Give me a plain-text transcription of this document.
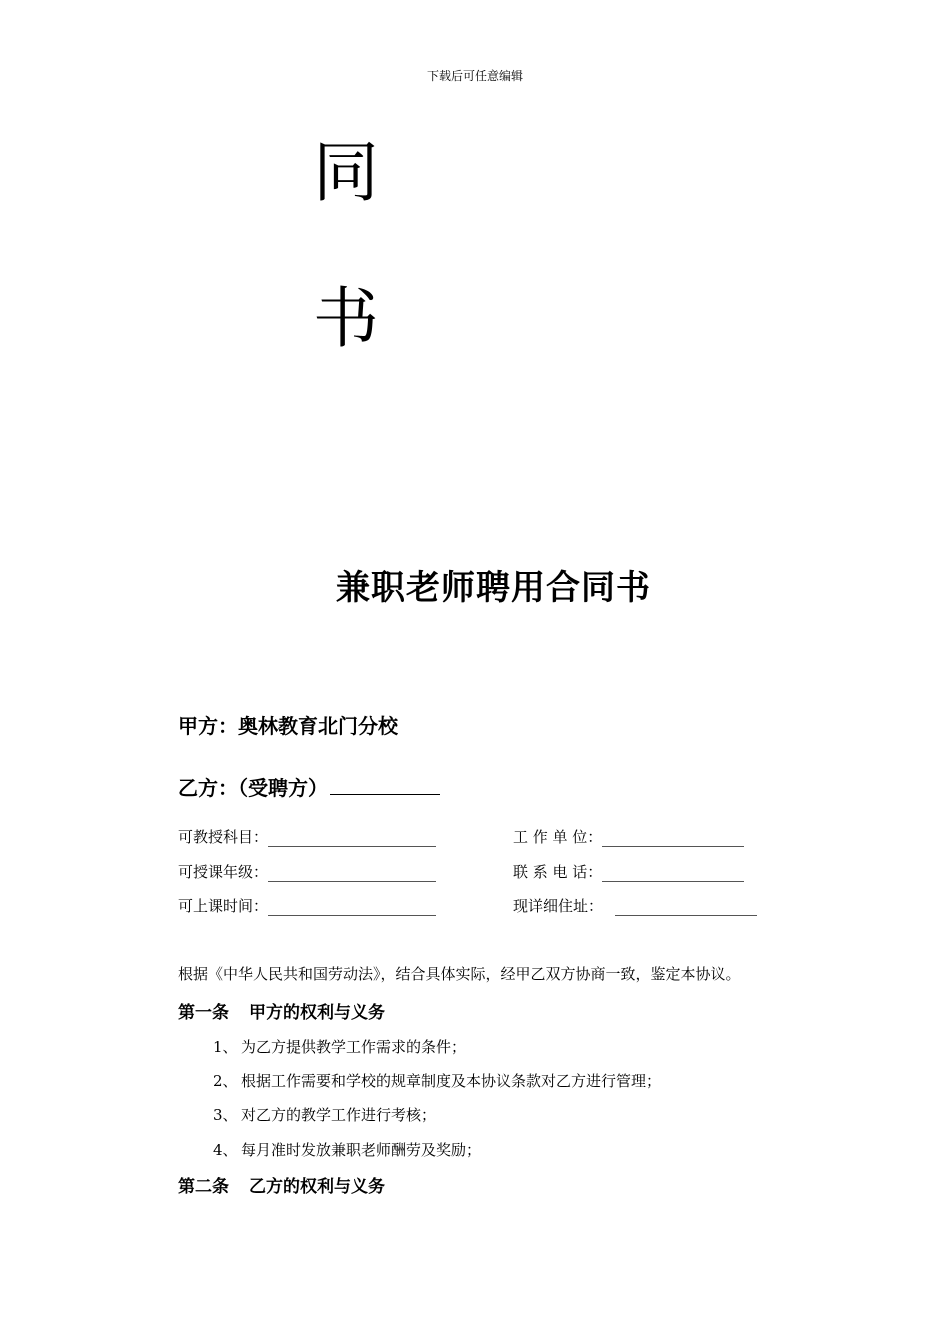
下载后可任意编辑
同
书
兼职老师聘用合同书
甲方：奥林教育北门分校
乙方：（受聘方）
可教授科目：
可授课年级：
可上课时间：
工 作 单 位：
联 系 电 话：
现详细住址：
根据《中华人民共和国劳动法》，结合具体实际，经甲乙双方协商一致，鉴定本协议。
第一条 甲方的权利与义务
1、 为乙方提供教学工作需求的条件；
2、 根据工作需要和学校的规章制度及本协议条款对乙方进行管理；
3、 对乙方的教学工作进行考核；
4、 每月准时发放兼职老师酬劳及奖励；
第二条 乙方的权利与义务
